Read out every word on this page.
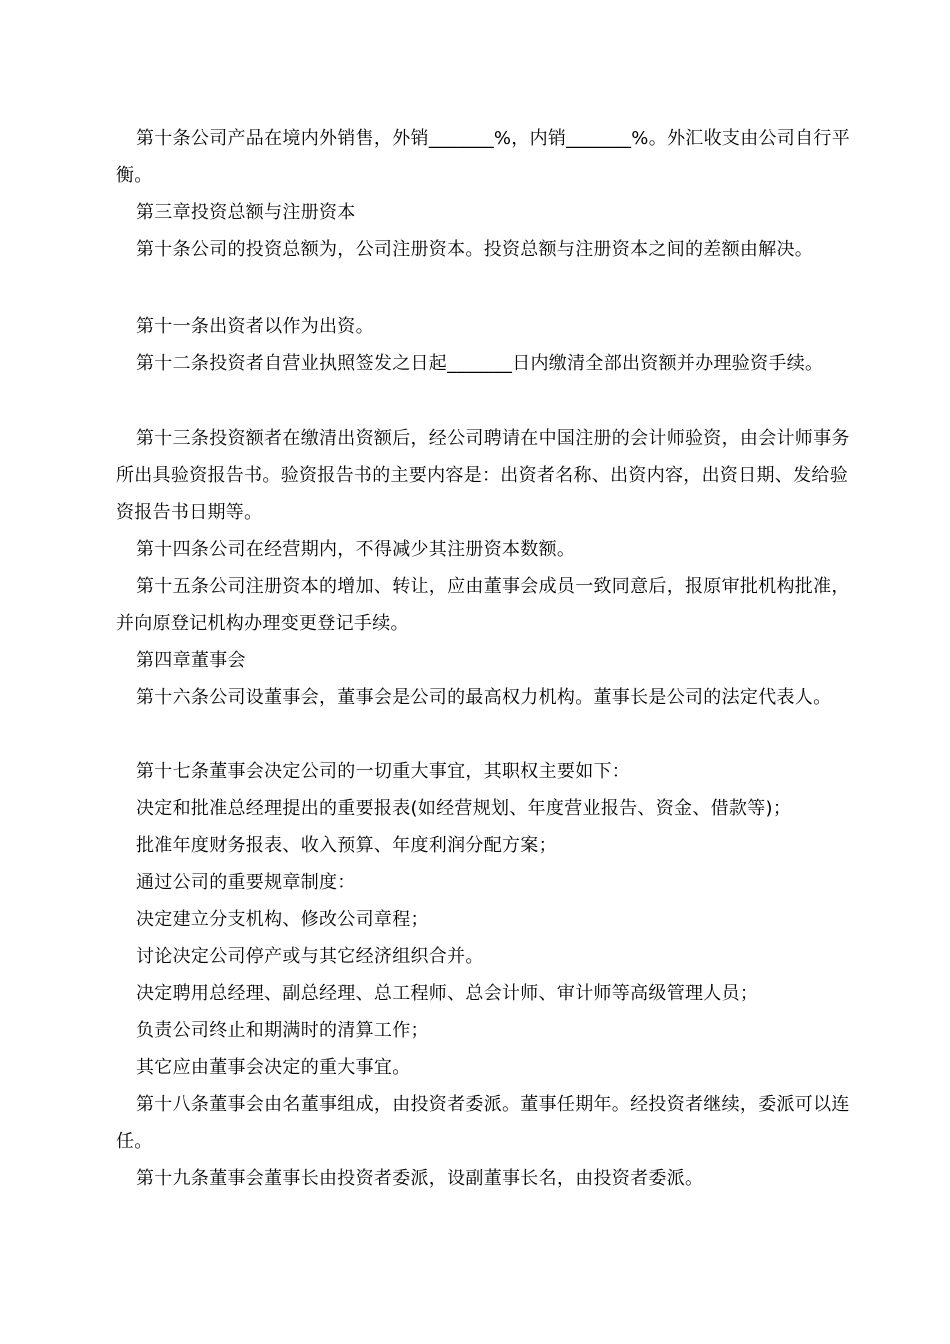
第十条公司产品在境内外销售，外销_______%，内销_______%。外汇收支由公司自行平衡。

第三章投资总额与注册资本

第十条公司的投资总额为，公司注册资本。投资总额与注册资本之间的差额由解决。

第十一条出资者以作为出资。

第十二条投资者自营业执照签发之日起_______日内缴清全部出资额并办理验资手续。

第十三条投资额者在缴清出资额后，经公司聘请在中国注册的会计师验资，由会计师事务所出具验资报告书。验资报告书的主要内容是：出资者名称、出资内容，出资日期、发给验资报告书日期等。

第十四条公司在经营期内，不得减少其注册资本数额。

第十五条公司注册资本的增加、转让，应由董事会成员一致同意后，报原审批机构批准，并向原登记机构办理变更登记手续。

第四章董事会

第十六条公司设董事会，董事会是公司的最高权力机构。董事长是公司的法定代表人。

第十七条董事会决定公司的一切重大事宜，其职权主要如下：

决定和批准总经理提出的重要报表(如经营规划、年度营业报告、资金、借款等)；

批准年度财务报表、收入预算、年度利润分配方案；

通过公司的重要规章制度：

决定建立分支机构、修改公司章程；

讨论决定公司停产或与其它经济组织合并。

决定聘用总经理、副总经理、总工程师、总会计师、审计师等高级管理人员；

负责公司终止和期满时的清算工作；

其它应由董事会决定的重大事宜。

第十八条董事会由名董事组成，由投资者委派。董事任期年。经投资者继续，委派可以连任。

第十九条董事会董事长由投资者委派，设副董事长名，由投资者委派。
